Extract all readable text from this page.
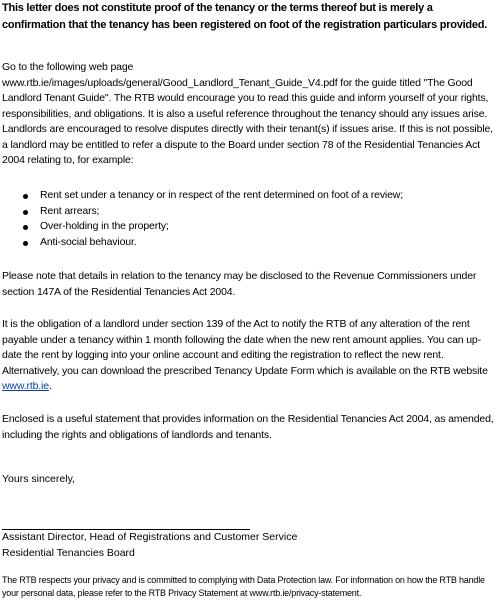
This letter does not constitute proof of the tenancy or the terms thereof but is merely a confirmation that the tenancy has been registered on foot of the registration particulars provided.
Go to the following web page
www.rtb.ie/images/uploads/general/Good_Landlord_Tenant_Guide_V4.pdf for the guide titled "The Good Landlord Tenant Guide". The RTB would encourage you to read this guide and inform yourself of your rights, responsibilities, and obligations. It is also a useful reference throughout the tenancy should any issues arise. Landlords are encouraged to resolve disputes directly with their tenant(s) if issues arise. If this is not possible, a landlord may be entitled to refer a dispute to the Board under section 78 of the Residential Tenancies Act 2004 relating to, for example:
Rent set under a tenancy or in respect of the rent determined on foot of a review;
Rent arrears;
Over-holding in the property;
Anti-social behaviour.
Please note that details in relation to the tenancy may be disclosed to the Revenue Commissioners under section 147A of the Residential Tenancies Act 2004.
It is the obligation of a landlord under section 139 of the Act to notify the RTB of any alteration of the rent payable under a tenancy within 1 month following the date when the new rent amount applies. You can up-date the rent by logging into your online account and editing the registration to reflect the new rent. Alternatively, you can download the prescribed Tenancy Update Form which is available on the RTB website www.rtb.ie.
Enclosed is a useful statement that provides information on the Residential Tenancies Act 2004, as amended, including the rights and obligations of landlords and tenants.
Yours sincerely,
Assistant Director, Head of Registrations and Customer Service
Residential Tenancies Board
The RTB respects your privacy and is committed to complying with Data Protection law. For information on how the RTB handle your personal data, please refer to the RTB Privacy Statement at www.rtb.ie/privacy-statement.
